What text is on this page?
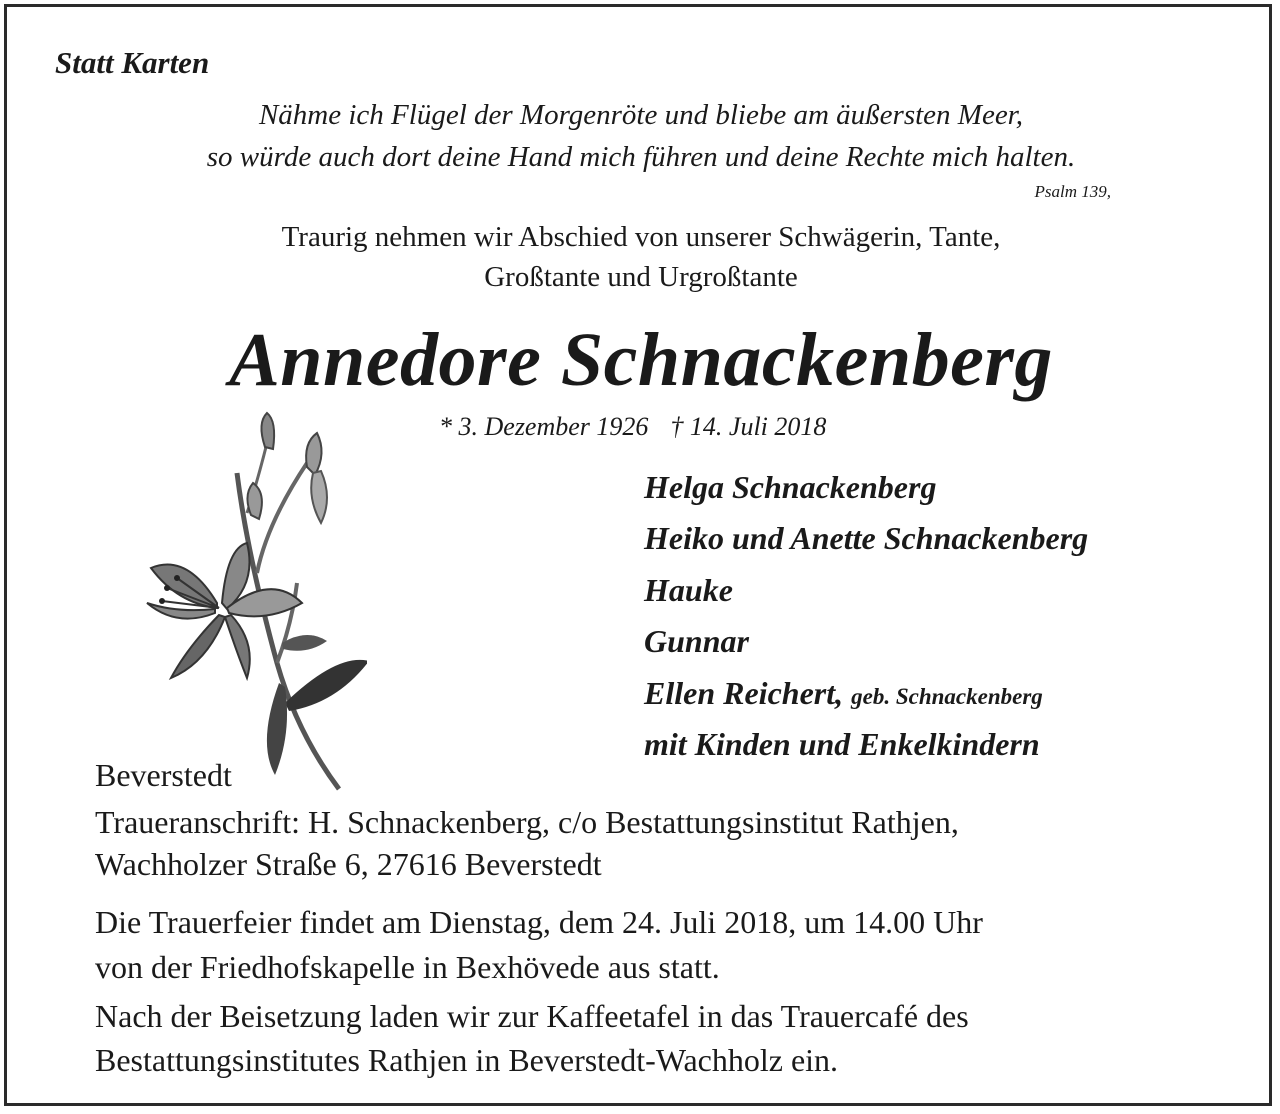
Statt Karten
Nähme ich Flügel der Morgenröte und bliebe am äußersten Meer,
so würde auch dort deine Hand mich führen und deine Rechte mich halten.
Psalm 139,
Traurig nehmen wir Abschied von unserer Schwägerin, Tante,
Großtante und Urgroßtante
Annedore Schnackenberg
* 3. Dezember 1926 † 14. Juli 2018
Helga Schnackenberg
Heiko und Anette Schnackenberg
Hauke
Gunnar
Ellen Reichert, geb. Schnackenberg
mit Kinden und Enkelkindern
Beverstedt
Traueranschrift: H. Schnackenberg, c/o Bestattungsinstitut Rathjen,
Wachholzer Straße 6, 27616 Beverstedt
Die Trauerfeier findet am Dienstag, dem 24. Juli 2018, um 14.00 Uhr
von der Friedhofskapelle in Bexhövede aus statt.
Nach der Beisetzung laden wir zur Kaffeetafel in das Trauercafé des
Bestattungsinstitutes Rathjen in Beverstedt-Wachholz ein.
